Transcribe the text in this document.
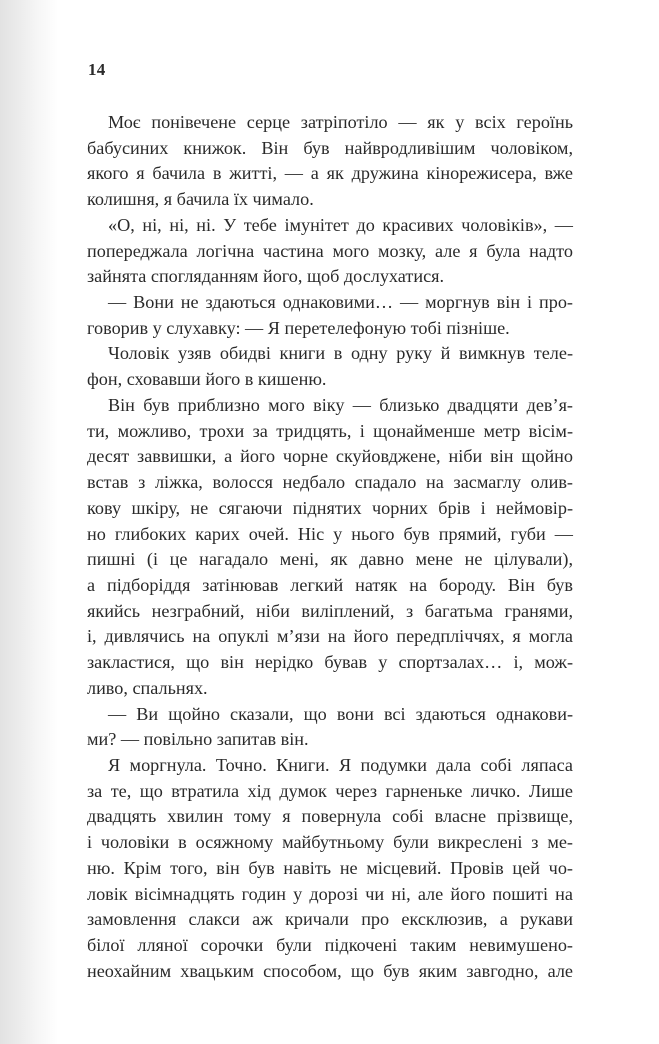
14
Моє понівечене серце затріпотіло — як у всіх героїнь
бабусиних книжок. Він був найвродливішим чоловіком,
якого я бачила в житті, — а як дружина кінорежисера, вже
колишня, я бачила їх чимало.
«О, ні, ні, ні. У тебе імунітет до красивих чоловіків», —
попереджала логічна частина мого мозку, але я була надто
зайнята спогляданням його, щоб дослухатися.
— Вони не здаються однаковими… — моргнув він і про-
говорив у слухавку: — Я перетелефоную тобі пізніше.
Чоловік узяв обидві книги в одну руку й вимкнув теле-
фон, сховавши його в кишеню.
Він був приблизно мого віку — близько двадцяти дев’я-
ти, можливо, трохи за тридцять, і щонайменше метр вісім-
десят заввишки, а його чорне скуйовджене, ніби він щойно
встав з ліжка, волосся недбало спадало на засмаглу олив-
кову шкіру, не сягаючи піднятих чорних брів і неймовір-
но глибоких карих очей. Ніс у нього був прямий, губи —
пишні (і це нагадало мені, як давно мене не цілували),
а підборіддя затінював легкий натяк на бороду. Він був
якийсь незграбний, ніби виліплений, з багатьма гранями,
і, дивлячись на опуклі м’язи на його передпліччях, я могла
закластися, що він нерідко бував у спортзалах… і, мож-
ливо, спальнях.
— Ви щойно сказали, що вони всі здаються однакови-
ми? — повільно запитав він.
Я моргнула. Точно. Книги. Я подумки дала собі ляпаса
за те, що втратила хід думок через гарненьке личко. Лише
двадцять хвилин тому я повернула собі власне прізвище,
і чоловіки в осяжному майбутньому були викреслені з ме-
ню. Крім того, він був навіть не місцевий. Провів цей чо-
ловік вісімнадцять годин у дорозі чи ні, але його пошиті на
замовлення слакси аж кричали про ексклюзив, а рукави
білої лляної сорочки були підкочені таким невимушено-
неохайним хвацьким способом, що був яким завгодно, але
